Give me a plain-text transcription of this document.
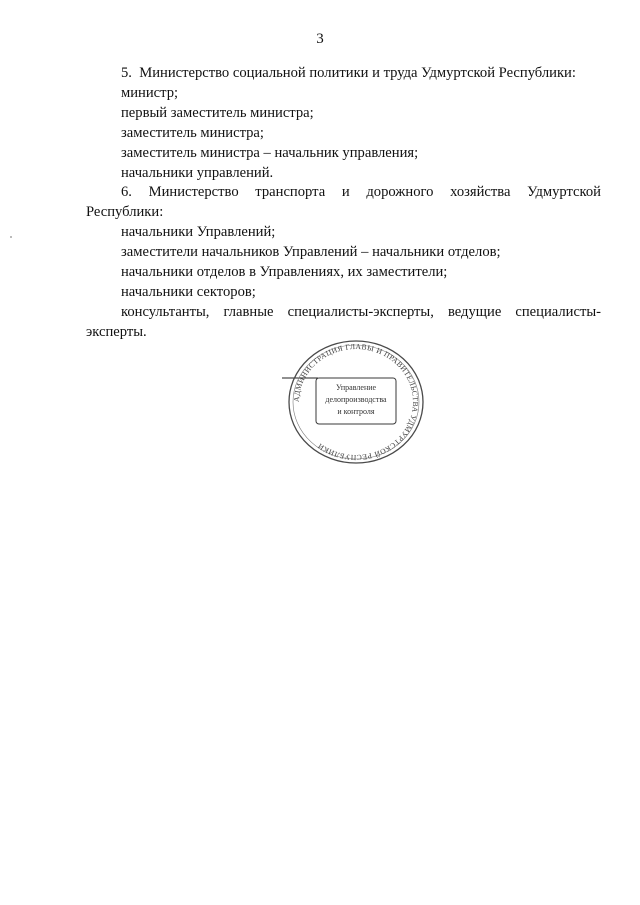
3

5.  Министерство социальной политики и труда Удмуртской Республики:

министр;

первый заместитель министра;

заместитель министра;

заместитель министра – начальник управления;

начальники управлений.

6. Министерство транспорта и дорожного хозяйства Удмуртской Республики:

начальники Управлений;

заместители начальников Управлений – начальники отделов;

начальники отделов в Управлениях, их заместители;

начальники секторов;

консультанты, главные специалисты-эксперты, ведущие специалисты-эксперты.

АДМИНИСТРАЦИЯ ГЛАВЫ И ПРАВИТЕЛЬСТВА УДМУРТСКОЙ РЕСПУБЛИКИ
Управление
делопроизводства
и контроля
